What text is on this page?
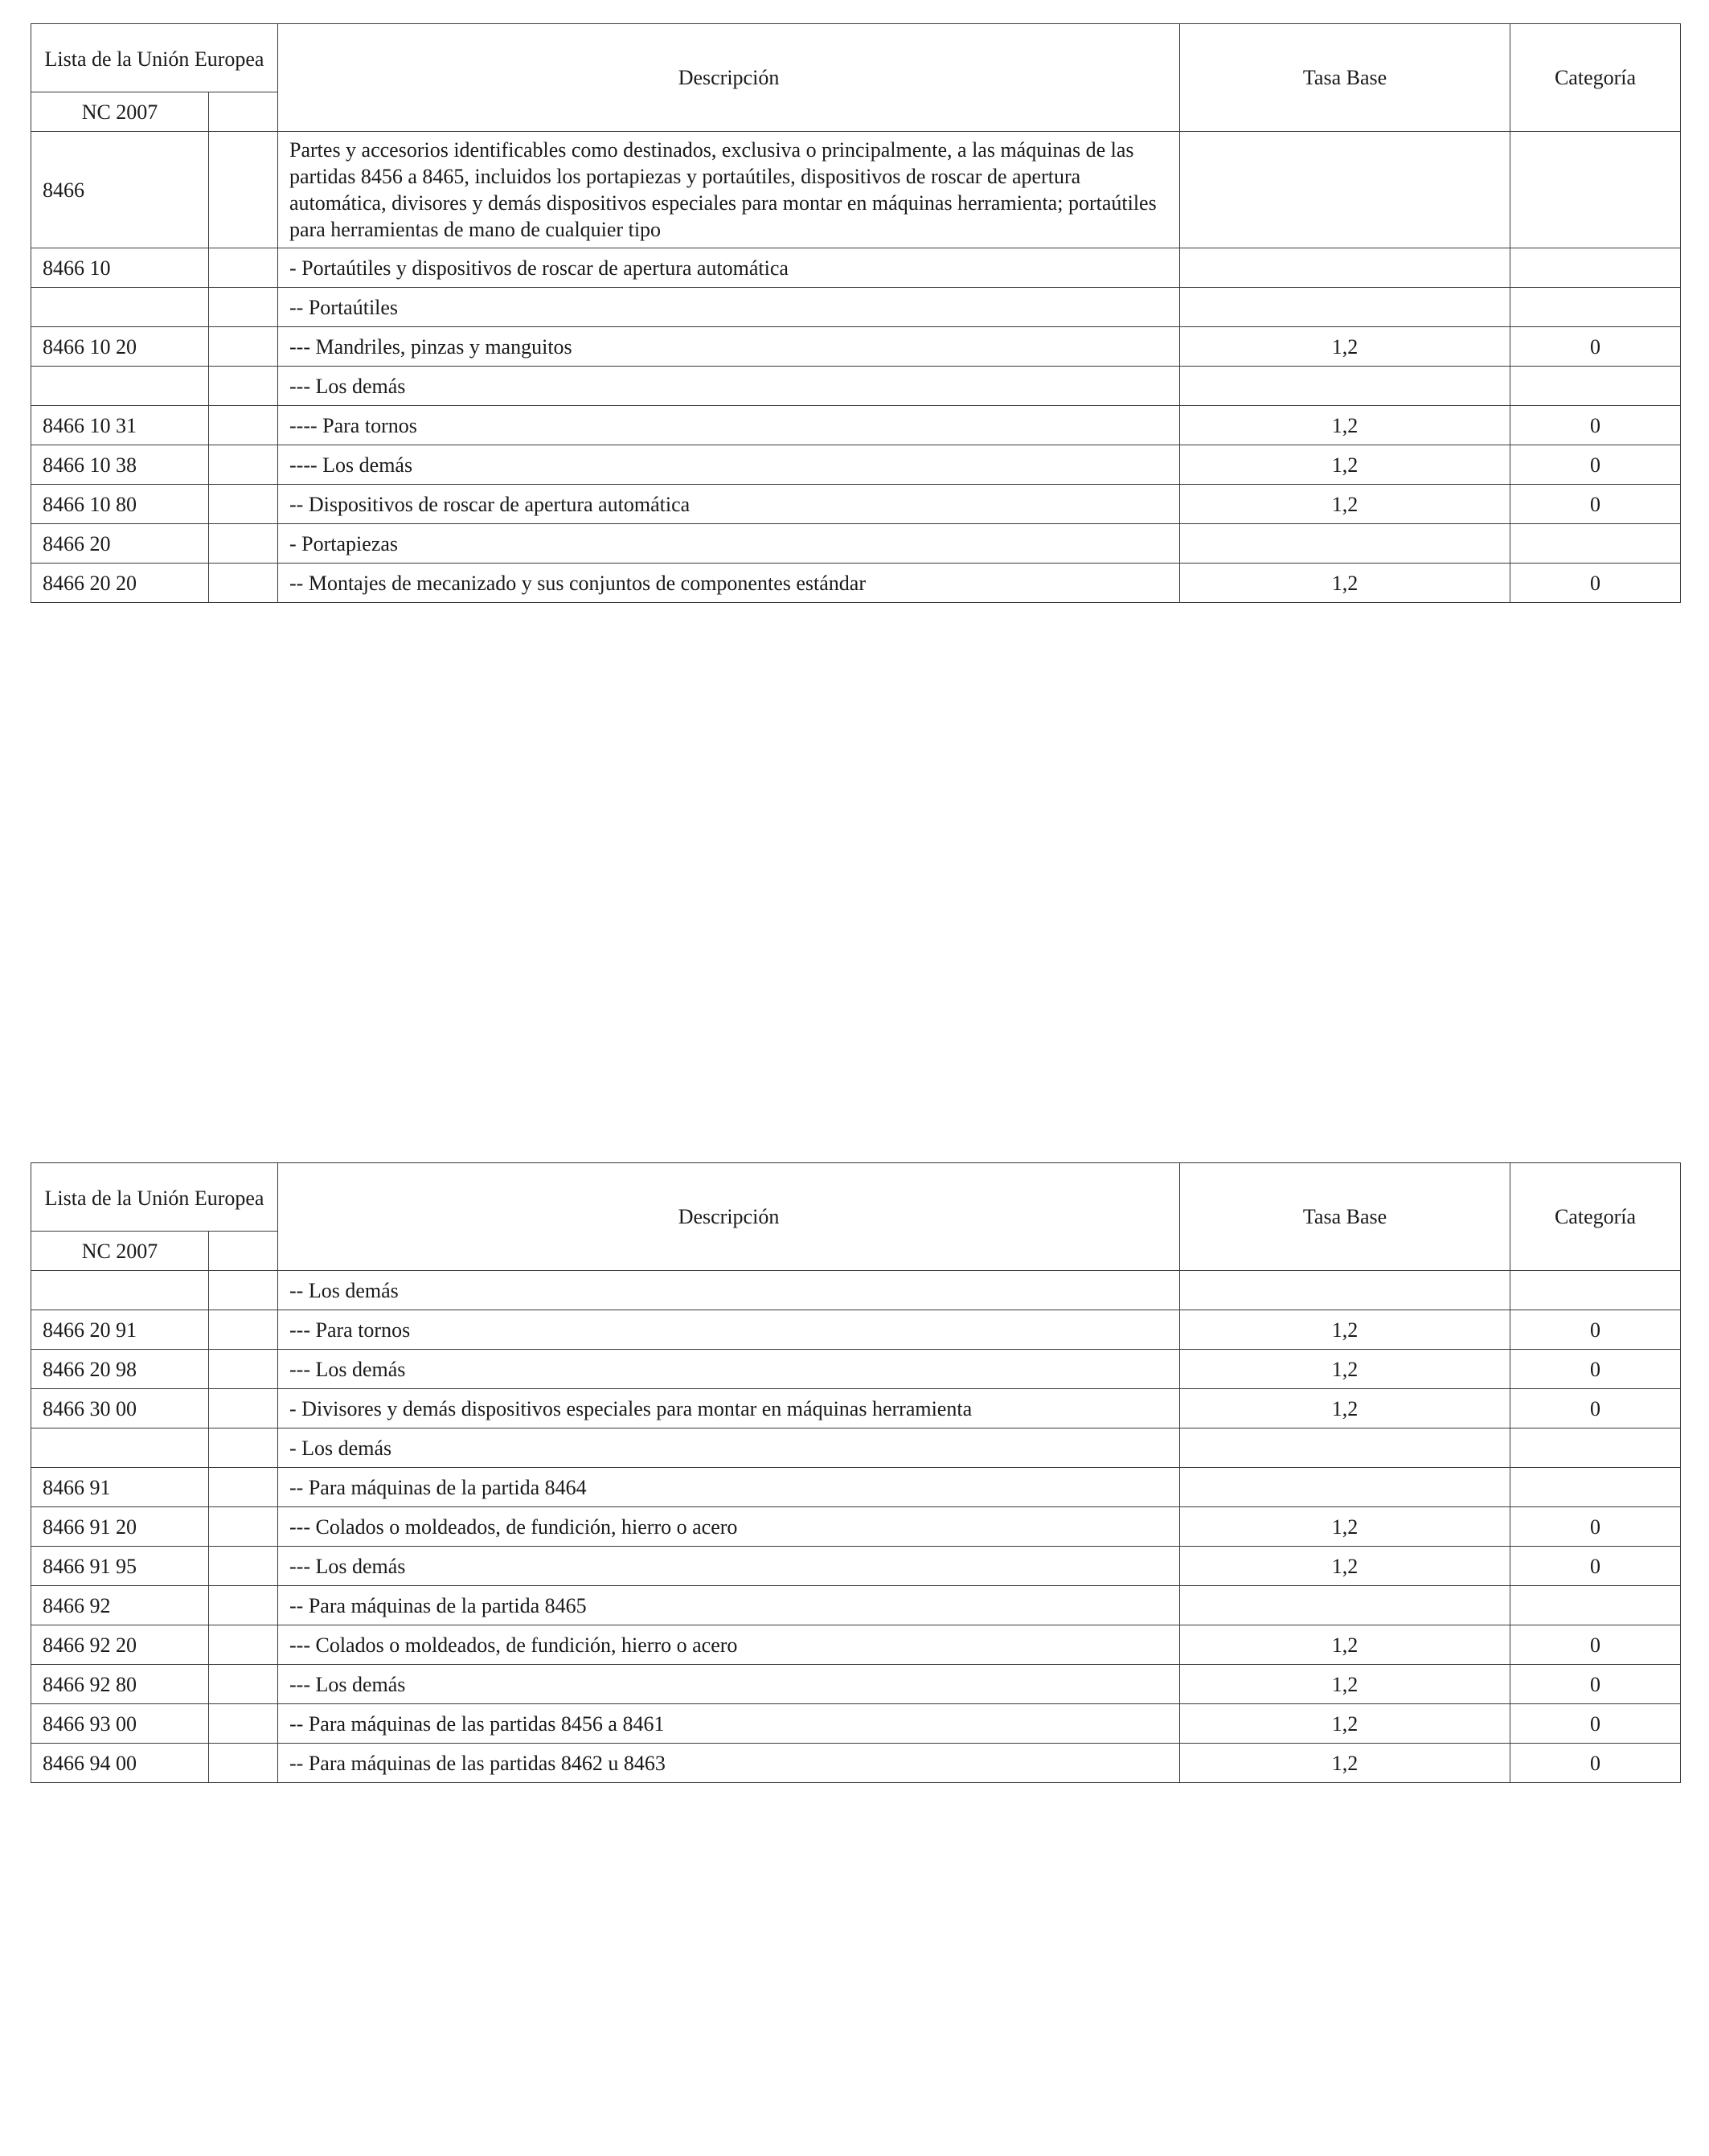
Lista de la Unión Europea		Descripción	Tasa Base	Categoría
NC 2007				
8466		Partes y accesorios identificables como destinados, exclusiva o principalmente, a las máquinas de las partidas 8456 a 8465, incluidos los portapiezas y portaútiles, dispositivos de roscar de apertura automática, divisores y demás dispositivos especiales para montar en máquinas herramienta; portaútiles para herramientas de mano de cualquier tipo		
8466 10		- Portaútiles y dispositivos de roscar de apertura automática		
		-- Portaútiles		
8466 10 20		--- Mandriles, pinzas y manguitos	1,2	0
		--- Los demás		
8466 10 31		---- Para tornos	1,2	0
8466 10 38		---- Los demás	1,2	0
8466 10 80		-- Dispositivos de roscar de apertura automática	1,2	0
8466 20		- Portapiezas		
8466 20 20		-- Montajes de mecanizado y sus conjuntos de componentes estándar	1,2	0
Lista de la Unión Europea		Descripción	Tasa Base	Categoría
NC 2007				
		-- Los demás		
8466 20 91		--- Para tornos	1,2	0
8466 20 98		--- Los demás	1,2	0
8466 30 00		- Divisores y demás dispositivos especiales para montar en máquinas herramienta	1,2	0
		- Los demás		
8466 91		-- Para máquinas de la partida 8464		
8466 91 20		--- Colados o moldeados, de fundición, hierro o acero	1,2	0
8466 91 95		--- Los demás	1,2	0
8466 92		-- Para máquinas de la partida 8465		
8466 92 20		--- Colados o moldeados, de fundición, hierro o acero	1,2	0
8466 92 80		--- Los demás	1,2	0
8466 93 00		-- Para máquinas de las partidas 8456 a 8461	1,2	0
8466 94 00		-- Para máquinas de las partidas 8462 u 8463	1,2	0
